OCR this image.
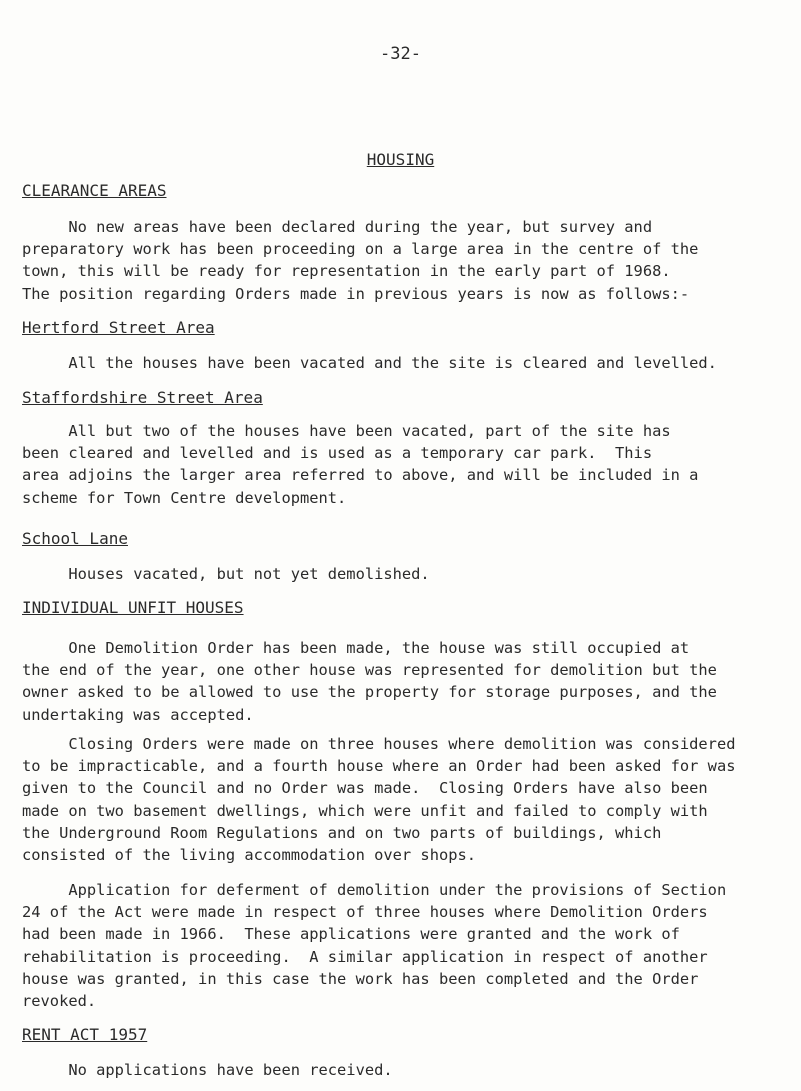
-32-
HOUSING
CLEARANCE AREAS
No new areas have been declared during the year, but survey and
preparatory work has been proceeding on a large area in the centre of the
town, this will be ready for representation in the early part of 1968.
The position regarding Orders made in previous years is now as follows:-
Hertford Street Area
All the houses have been vacated and the site is cleared and levelled.
Staffordshire Street Area
All but two of the houses have been vacated, part of the site has
been cleared and levelled and is used as a temporary car park.  This
area adjoins the larger area referred to above, and will be included in a
scheme for Town Centre development.
School Lane
Houses vacated, but not yet demolished.
INDIVIDUAL UNFIT HOUSES
One Demolition Order has been made, the house was still occupied at
the end of the year, one other house was represented for demolition but the
owner asked to be allowed to use the property for storage purposes, and the
undertaking was accepted.
Closing Orders were made on three houses where demolition was considered
to be impracticable, and a fourth house where an Order had been asked for was
given to the Council and no Order was made.  Closing Orders have also been
made on two basement dwellings, which were unfit and failed to comply with
the Underground Room Regulations and on two parts of buildings, which
consisted of the living accommodation over shops.
Application for deferment of demolition under the provisions of Section
24 of the Act were made in respect of three houses where Demolition Orders
had been made in 1966.  These applications were granted and the work of
rehabilitation is proceeding.  A similar application in respect of another
house was granted, in this case the work has been completed and the Order
revoked.
RENT ACT 1957
No applications have been received.
